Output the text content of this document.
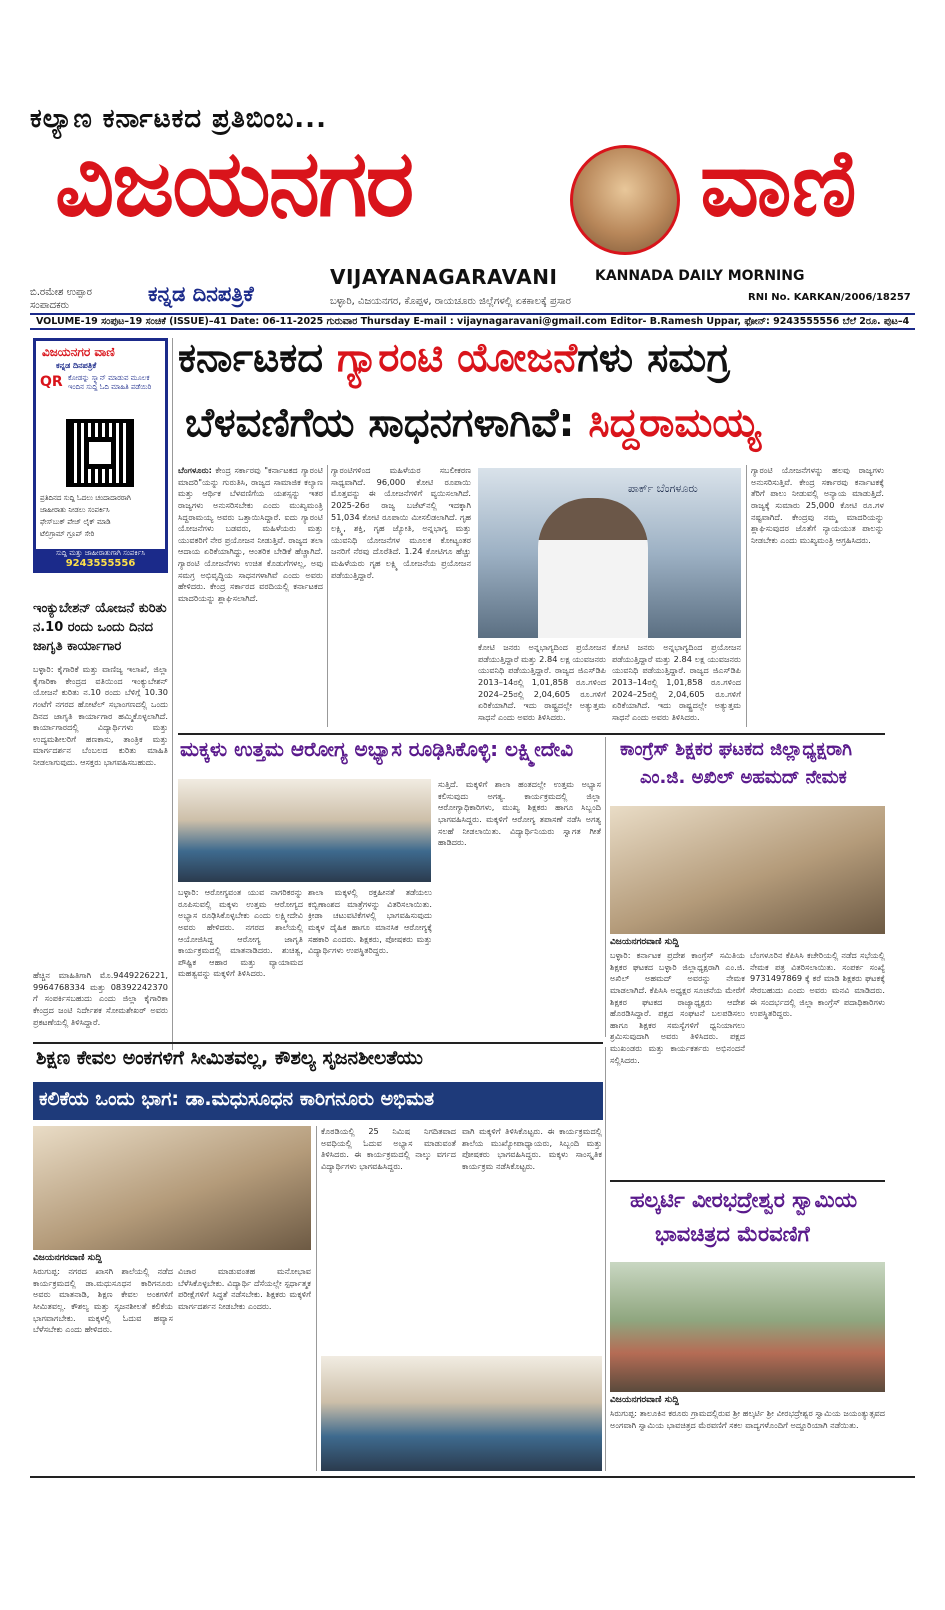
ಕಲ್ಯಾಣ ಕರ್ನಾಟಕದ ಪ್ರತಿಬಿಂಬ...
ವಿಜಯನಗರ	ವಾಣಿ
ಬಿ.ರಮೇಶ ಉಪ್ಪಾರ ಸಂಪಾದಕರು	ಕನ್ನಡ ದಿನಪತ್ರಿಕೆ
VIJAYANAGARAVANI	KANNADA DAILY MORNING
RNI No. KARKAN/2006/18257
ಬಳ್ಳಾರಿ, ವಿಜಯನಗರ, ಕೊಪ್ಪಳ, ರಾಯಚೂರು ಜಿಲ್ಲೆಗಳಲ್ಲಿ ಏಕಕಾಲಕ್ಕೆ ಪ್ರಸಾರ
VOLUME-19 ಸಂಪುಟ–19 ಸಂಚಿಕೆ (ISSUE)–41 Date: 06-11-2025 ಗುರುವಾರ Thursday E-mail : vijaynagaravani@gmail.com Editor- B.Ramesh Uppar, ಫೋನ್: 9243555556 ಬೆಲೆ 2ರೂ. ಪುಟ–4
ವಿಜಯನಗರ ವಾಣಿ
ಕನ್ನಡ ದಿನಪತ್ರಿಕೆ
QR ಕೋಡನ್ನು ಸ್ಕ್ಯಾನ್ ಮಾಡುವ ಮೂಲಕ ಇಂದಿನ ಸುದ್ದಿ ಓದಿ ಮಾಹಿತಿ ಪಡೆಯಿರಿ
ಪ್ರತಿದಿನದ ಸುದ್ದಿ ಓದಲು ಚಂದಾದಾರರಾಗಿ
ಜಾಹೀರಾತು ನೀಡಲು ಸಂಪರ್ಕಿಸಿ
ಫೇಸ್‌ಬುಕ್ ಪೇಜ್ ಲೈಕ್ ಮಾಡಿ
ಟೆಲಿಗ್ರಾಮ್ ಗ್ರೂಪ್ ಸೇರಿ
ಸುದ್ದಿ ಮತ್ತು ಜಾಹೀರಾತುಗಾಗಿ ಸಂಪರ್ಕಿಸಿ
9243555556
ಕರ್ನಾಟಕದ ಗ್ಯಾರಂಟಿ ಯೋಜನೆಗಳು ಸಮಗ್ರ
ಬೆಳವಣಿಗೆಯ ಸಾಧನಗಳಾಗಿವೆ: ಸಿದ್ದರಾಮಯ್ಯ
ಬೆಂಗಳೂರು: ಕೇಂದ್ರ ಸರ್ಕಾರವು "ಕರ್ನಾಟಕದ ಗ್ಯಾರಂಟಿ ಮಾದರಿ"ಯನ್ನು ಗುರುತಿಸಿ, ರಾಜ್ಯದ ಸಾಮಾಜಿಕ ಕಲ್ಯಾಣ ಮತ್ತು ಆರ್ಥಿಕ ಬೆಳವಣಿಗೆಯ ಯಶಸ್ಸನ್ನು ಇತರ ರಾಜ್ಯಗಳು ಅನುಸರಿಸಬೇಕು ಎಂದು ಮುಖ್ಯಮಂತ್ರಿ ಸಿದ್ದರಾಮಯ್ಯ ಅವರು ಒತ್ತಾಯಿಸಿದ್ದಾರೆ. ಐದು ಗ್ಯಾರಂಟಿ ಯೋಜನೆಗಳು ಬಡವರು, ಮಹಿಳೆಯರು ಮತ್ತು ಯುವಕರಿಗೆ ನೇರ ಪ್ರಯೋಜನ ನೀಡುತ್ತಿವೆ. ರಾಜ್ಯದ ತಲಾ ಆದಾಯ ಏರಿಕೆಯಾಗಿದ್ದು, ಆಂತರಿಕ ಬೇಡಿಕೆ ಹೆಚ್ಚಾಗಿದೆ. ಗ್ಯಾರಂಟಿ ಯೋಜನೆಗಳು ಉಚಿತ ಕೊಡುಗೆಗಳಲ್ಲ, ಅವು ಸಮಗ್ರ ಅಭಿವೃದ್ಧಿಯ ಸಾಧನಗಳಾಗಿವೆ ಎಂದು ಅವರು ಹೇಳಿದರು. ಕೇಂದ್ರ ಸರ್ಕಾರದ ವರದಿಯಲ್ಲಿ ಕರ್ನಾಟಕದ ಮಾದರಿಯನ್ನು ಶ್ಲಾಘಿಸಲಾಗಿದೆ.
ಗ್ಯಾರಂಟಿಗಳಿಂದ ಮಹಿಳೆಯರ ಸಬಲೀಕರಣ ಸಾಧ್ಯವಾಗಿದೆ. 96,000 ಕೋಟಿ ರೂಪಾಯಿ ಮೊತ್ತವನ್ನು ಈ ಯೋಜನೆಗಳಿಗೆ ವ್ಯಯಿಸಲಾಗಿದೆ. 2025-26ರ ರಾಜ್ಯ ಬಜೆಟ್‌ನಲ್ಲಿ ಇದಕ್ಕಾಗಿ 51,034 ಕೋಟಿ ರೂಪಾಯಿ ಮೀಸಲಿಡಲಾಗಿದೆ. ಗೃಹ ಲಕ್ಷ್ಮಿ, ಶಕ್ತಿ, ಗೃಹ ಜ್ಯೋತಿ, ಅನ್ನಭಾಗ್ಯ ಮತ್ತು ಯುವನಿಧಿ ಯೋಜನೆಗಳ ಮೂಲಕ ಕೋಟ್ಯಂತರ ಜನರಿಗೆ ನೆರವು ದೊರೆತಿದೆ. 1.24 ಕೋಟಿಗೂ ಹೆಚ್ಚು ಮಹಿಳೆಯರು ಗೃಹ ಲಕ್ಷ್ಮಿ ಯೋಜನೆಯ ಪ್ರಯೋಜನ ಪಡೆಯುತ್ತಿದ್ದಾರೆ.
ಪಾರ್ಕ್ ಬೆಂಗಳೂರು
ಕೋಟಿ ಜನರು ಅನ್ನಭಾಗ್ಯದಿಂದ ಪ್ರಯೋಜನ ಪಡೆಯುತ್ತಿದ್ದಾರೆ ಮತ್ತು 2.84 ಲಕ್ಷ ಯುವಜನರು ಯುವನಿಧಿ ಪಡೆಯುತ್ತಿದ್ದಾರೆ. ರಾಜ್ಯದ ಜಿಎಸ್‌ಡಿಪಿ 2013–14ರಲ್ಲಿ 1,01,858 ರೂ.ಗಳಿಂದ 2024–25ರಲ್ಲಿ 2,04,605 ರೂ.ಗಳಿಗೆ ಏರಿಕೆಯಾಗಿದೆ. ಇದು ರಾಷ್ಟ್ರದಲ್ಲೇ ಅತ್ಯುತ್ತಮ ಸಾಧನೆ ಎಂದು ಅವರು ತಿಳಿಸಿದರು.
ಕೋಟಿ ಜನರು ಅನ್ನಭಾಗ್ಯದಿಂದ ಪ್ರಯೋಜನ ಪಡೆಯುತ್ತಿದ್ದಾರೆ ಮತ್ತು 2.84 ಲಕ್ಷ ಯುವಜನರು ಯುವನಿಧಿ ಪಡೆಯುತ್ತಿದ್ದಾರೆ. ರಾಜ್ಯದ ಜಿಎಸ್‌ಡಿಪಿ 2013–14ರಲ್ಲಿ 1,01,858 ರೂ.ಗಳಿಂದ 2024–25ರಲ್ಲಿ 2,04,605 ರೂ.ಗಳಿಗೆ ಏರಿಕೆಯಾಗಿದೆ. ಇದು ರಾಷ್ಟ್ರದಲ್ಲೇ ಅತ್ಯುತ್ತಮ ಸಾಧನೆ ಎಂದು ಅವರು ತಿಳಿಸಿದರು.
ಗ್ಯಾರಂಟಿ ಯೋಜನೆಗಳನ್ನು ಹಲವು ರಾಜ್ಯಗಳು ಅನುಸರಿಸುತ್ತಿವೆ. ಕೇಂದ್ರ ಸರ್ಕಾರವು ಕರ್ನಾಟಕಕ್ಕೆ ತೆರಿಗೆ ಪಾಲು ನೀಡುವಲ್ಲಿ ಅನ್ಯಾಯ ಮಾಡುತ್ತಿದೆ. ರಾಜ್ಯಕ್ಕೆ ಸುಮಾರು 25,000 ಕೋಟಿ ರೂ.ಗಳ ನಷ್ಟವಾಗಿದೆ. ಕೇಂದ್ರವು ನಮ್ಮ ಮಾದರಿಯನ್ನು ಶ್ಲಾಘಿಸುವುದರ ಜೊತೆಗೆ ನ್ಯಾಯಯುತ ಪಾಲನ್ನು ನೀಡಬೇಕು ಎಂದು ಮುಖ್ಯಮಂತ್ರಿ ಆಗ್ರಹಿಸಿದರು.
ಇಂಕ್ಯುಬೇಶನ್ ಯೋಜನೆ ಕುರಿತು ನ.10 ರಂದು ಒಂದು ದಿನದ ಜಾಗೃತಿ ಕಾರ್ಯಾಗಾರ
ಬಳ್ಳಾರಿ: ಕೈಗಾರಿಕೆ ಮತ್ತು ವಾಣಿಜ್ಯ ಇಲಾಖೆ, ಜಿಲ್ಲಾ ಕೈಗಾರಿಕಾ ಕೇಂದ್ರದ ವತಿಯಿಂದ ಇಂಕ್ಯುಬೇಶನ್ ಯೋಜನೆ ಕುರಿತು ನ.10 ರಂದು ಬೆಳಿಗ್ಗೆ 10.30 ಗಂಟೆಗೆ ನಗರದ ಹೋಟೆಲ್ ಸಭಾಂಗಣದಲ್ಲಿ ಒಂದು ದಿನದ ಜಾಗೃತಿ ಕಾರ್ಯಾಗಾರ ಹಮ್ಮಿಕೊಳ್ಳಲಾಗಿದೆ. ಕಾರ್ಯಾಗಾರದಲ್ಲಿ ವಿದ್ಯಾರ್ಥಿಗಳು ಮತ್ತು ಉದ್ಯಮಶೀಲರಿಗೆ ಹಣಕಾಸು, ತಾಂತ್ರಿಕ ಮತ್ತು ಮಾರ್ಗದರ್ಶನ ಬೆಂಬಲದ ಕುರಿತು ಮಾಹಿತಿ ನೀಡಲಾಗುವುದು. ಆಸಕ್ತರು ಭಾಗವಹಿಸಬಹುದು.
ಹೆಚ್ಚಿನ ಮಾಹಿತಿಗಾಗಿ ಮೊ.9449226221, 9964768334 ಮತ್ತು 08392242370 ಗೆ ಸಂಪರ್ಕಿಸಬಹುದು ಎಂದು ಜಿಲ್ಲಾ ಕೈಗಾರಿಕಾ ಕೇಂದ್ರದ ಜಂಟಿ ನಿರ್ದೇಶಕ ಸೋಮಶೇಖರ್ ಅವರು ಪ್ರಕಟಣೆಯಲ್ಲಿ ತಿಳಿಸಿದ್ದಾರೆ.
ಮಕ್ಕಳು ಉತ್ತಮ ಆರೋಗ್ಯ ಅಭ್ಯಾಸ ರೂಢಿಸಿಕೊಳ್ಳಿ: ಲಕ್ಷ್ಮೀದೇವಿ
ಬಳ್ಳಾರಿ: ಆರೋಗ್ಯವಂತ ಯುವ ನಾಗರಿಕರನ್ನು ರೂಪಿಸುವಲ್ಲಿ ಮಕ್ಕಳು ಉತ್ತಮ ಆರೋಗ್ಯದ ಅಭ್ಯಾಸ ರೂಢಿಸಿಕೊಳ್ಳಬೇಕು ಎಂದು ಲಕ್ಷ್ಮೀದೇವಿ ಅವರು ಹೇಳಿದರು. ನಗರದ ಶಾಲೆಯಲ್ಲಿ ಆಯೋಜಿಸಿದ್ದ ಆರೋಗ್ಯ ಜಾಗೃತಿ ಕಾರ್ಯಕ್ರಮದಲ್ಲಿ ಮಾತನಾಡಿದರು. ಶುಚಿತ್ವ, ಪೌಷ್ಟಿಕ ಆಹಾರ ಮತ್ತು ವ್ಯಾಯಾಮದ ಮಹತ್ವವನ್ನು ಮಕ್ಕಳಿಗೆ ತಿಳಿಸಿದರು.
ಶಾಲಾ ಮಕ್ಕಳಲ್ಲಿ ರಕ್ತಹೀನತೆ ತಡೆಯಲು ಕಬ್ಬಿಣಾಂಶದ ಮಾತ್ರೆಗಳನ್ನು ವಿತರಿಸಲಾಯಿತು. ಕ್ರೀಡಾ ಚಟುವಟಿಕೆಗಳಲ್ಲಿ ಭಾಗವಹಿಸುವುದು ಮಕ್ಕಳ ದೈಹಿಕ ಹಾಗೂ ಮಾನಸಿಕ ಆರೋಗ್ಯಕ್ಕೆ ಸಹಕಾರಿ ಎಂದರು. ಶಿಕ್ಷಕರು, ಪೋಷಕರು ಮತ್ತು ವಿದ್ಯಾರ್ಥಿಗಳು ಉಪಸ್ಥಿತರಿದ್ದರು.
ಸುತ್ತಿದೆ. ಮಕ್ಕಳಿಗೆ ಶಾಲಾ ಹಂತದಲ್ಲೇ ಉತ್ತಮ ಅಭ್ಯಾಸ ಕಲಿಸುವುದು ಅಗತ್ಯ. ಕಾರ್ಯಕ್ರಮದಲ್ಲಿ ಜಿಲ್ಲಾ ಆರೋಗ್ಯಾಧಿಕಾರಿಗಳು, ಮುಖ್ಯ ಶಿಕ್ಷಕರು ಹಾಗೂ ಸಿಬ್ಬಂದಿ ಭಾಗವಹಿಸಿದ್ದರು. ಮಕ್ಕಳಿಗೆ ಆರೋಗ್ಯ ತಪಾಸಣೆ ನಡೆಸಿ ಅಗತ್ಯ ಸಲಹೆ ನೀಡಲಾಯಿತು. ವಿದ್ಯಾರ್ಥಿನಿಯರು ಸ್ವಾಗತ ಗೀತೆ ಹಾಡಿದರು.
ಕಾಂಗ್ರೆಸ್ ಶಿಕ್ಷಕರ ಘಟಕದ ಜಿಲ್ಲಾಧ್ಯಕ್ಷರಾಗಿ
ಎಂ.ಜಿ. ಅಖಿಲ್ ಅಹಮದ್ ನೇಮಕ
ವಿಜಯನಗರವಾಣಿ ಸುದ್ದಿ
ಬಳ್ಳಾರಿ: ಕರ್ನಾಟಕ ಪ್ರದೇಶ ಕಾಂಗ್ರೆಸ್ ಸಮಿತಿಯ ಶಿಕ್ಷಕರ ಘಟಕದ ಬಳ್ಳಾರಿ ಜಿಲ್ಲಾಧ್ಯಕ್ಷರಾಗಿ ಎಂ.ಜಿ. ಅಖಿಲ್ ಅಹಮದ್ ಅವರನ್ನು ನೇಮಕ ಮಾಡಲಾಗಿದೆ. ಕೆಪಿಸಿಸಿ ಅಧ್ಯಕ್ಷರ ಸೂಚನೆಯ ಮೇರೆಗೆ ಶಿಕ್ಷಕರ ಘಟಕದ ರಾಜ್ಯಾಧ್ಯಕ್ಷರು ಆದೇಶ ಹೊರಡಿಸಿದ್ದಾರೆ. ಪಕ್ಷದ ಸಂಘಟನೆ ಬಲಪಡಿಸಲು ಹಾಗೂ ಶಿಕ್ಷಕರ ಸಮಸ್ಯೆಗಳಿಗೆ ಧ್ವನಿಯಾಗಲು ಶ್ರಮಿಸುವುದಾಗಿ ಅವರು ತಿಳಿಸಿದರು. ಪಕ್ಷದ ಮುಖಂಡರು ಮತ್ತು ಕಾರ್ಯಕರ್ತರು ಅಭಿನಂದನೆ ಸಲ್ಲಿಸಿದರು.
ಬೆಂಗಳೂರಿನ ಕೆಪಿಸಿಸಿ ಕಚೇರಿಯಲ್ಲಿ ನಡೆದ ಸಭೆಯಲ್ಲಿ ನೇಮಕ ಪತ್ರ ವಿತರಿಸಲಾಯಿತು. ಸಂಪರ್ಕ ಸಂಖ್ಯೆ 9731497869 ಕ್ಕೆ ಕರೆ ಮಾಡಿ ಶಿಕ್ಷಕರು ಘಟಕಕ್ಕೆ ಸೇರಬಹುದು ಎಂದು ಅವರು ಮನವಿ ಮಾಡಿದರು. ಈ ಸಂದರ್ಭದಲ್ಲಿ ಜಿಲ್ಲಾ ಕಾಂಗ್ರೆಸ್ ಪದಾಧಿಕಾರಿಗಳು ಉಪಸ್ಥಿತರಿದ್ದರು.
ಶಿಕ್ಷಣ ಕೇವಲ ಅಂಕಗಳಿಗೆ ಸೀಮಿತವಲ್ಲ, ಕೌಶಲ್ಯ ಸೃಜನಶೀಲತೆಯು
ಕಲಿಕೆಯ ಒಂದು ಭಾಗ: ಡಾ.ಮಧುಸೂಧನ ಕಾರಿಗನೂರು ಅಭಿಮತ
ವಿಜಯನಗರವಾಣಿ ಸುದ್ದಿ
ಸಿರುಗುಪ್ಪ: ನಗರದ ಖಾಸಗಿ ಶಾಲೆಯಲ್ಲಿ ನಡೆದ ಕಾರ್ಯಕ್ರಮದಲ್ಲಿ ಡಾ.ಮಧುಸೂಧನ ಕಾರಿಗನೂರು ಅವರು ಮಾತನಾಡಿ, ಶಿಕ್ಷಣ ಕೇವಲ ಅಂಕಗಳಿಗೆ ಸೀಮಿತವಲ್ಲ. ಕೌಶಲ್ಯ ಮತ್ತು ಸೃಜನಶೀಲತೆ ಕಲಿಕೆಯ ಭಾಗವಾಗಬೇಕು. ಮಕ್ಕಳಲ್ಲಿ ಓದುವ ಹವ್ಯಾಸ ಬೆಳೆಸಬೇಕು ಎಂದು ಹೇಳಿದರು.
ವಿಚಾರ ಮಾಡುವಂತಹ ಮನೋಭಾವ ಬೆಳೆಸಿಕೊಳ್ಳಬೇಕು. ವಿದ್ಯಾರ್ಥಿ ದೆಸೆಯಲ್ಲೇ ಸ್ಪರ್ಧಾತ್ಮಕ ಪರೀಕ್ಷೆಗಳಿಗೆ ಸಿದ್ಧತೆ ನಡೆಸಬೇಕು. ಶಿಕ್ಷಕರು ಮಕ್ಕಳಿಗೆ ಮಾರ್ಗದರ್ಶನ ನೀಡಬೇಕು ಎಂದರು.
ಕೊಠಡಿಯಲ್ಲಿ 25 ನಿಮಿಷ ನಿಗದಿತವಾದ ಅವಧಿಯಲ್ಲಿ ಓದುವ ಅಭ್ಯಾಸ ಮಾಡುವಂತೆ ತಿಳಿಸಿದರು. ಈ ಕಾರ್ಯಕ್ರಮದಲ್ಲಿ ನಾಲ್ಕು ವರ್ಗದ ವಿದ್ಯಾರ್ಥಿಗಳು ಭಾಗವಹಿಸಿದ್ದರು.
ವಾಗಿ ಮಕ್ಕಳಿಗೆ ತಿಳಿಸಿಕೊಟ್ಟರು. ಈ ಕಾರ್ಯಕ್ರಮದಲ್ಲಿ ಶಾಲೆಯ ಮುಖ್ಯೋಪಾಧ್ಯಾಯರು, ಸಿಬ್ಬಂದಿ ಮತ್ತು ಪೋಷಕರು ಭಾಗವಹಿಸಿದ್ದರು. ಮಕ್ಕಳು ಸಾಂಸ್ಕೃತಿಕ ಕಾರ್ಯಕ್ರಮ ನಡೆಸಿಕೊಟ್ಟರು.
ಹಲ್ಕರ್ಟಿ ವೀರಭದ್ರೇಶ್ವರ ಸ್ವಾಮಿಯ
ಭಾವಚಿತ್ರದ ಮೆರವಣಿಗೆ
ವಿಜಯನಗರವಾಣಿ ಸುದ್ದಿ
ಸಿರುಗುಪ್ಪ: ತಾಲೂಕಿನ ಕರೂರು ಗ್ರಾಮದಲ್ಲಿರುವ ಶ್ರೀ ಹಲ್ಕರ್ಟಿ ಶ್ರೀ ವೀರಭದ್ರೇಶ್ವರ ಸ್ವಾಮಿಯ ಜಯಂತ್ಯುತ್ಸವದ ಅಂಗವಾಗಿ ಸ್ವಾಮಿಯ ಭಾವಚಿತ್ರದ ಮೆರವಣಿಗೆ ಸಕಲ ವಾದ್ಯಗಳೊಂದಿಗೆ ಅದ್ದೂರಿಯಾಗಿ ನಡೆಯಿತು.
